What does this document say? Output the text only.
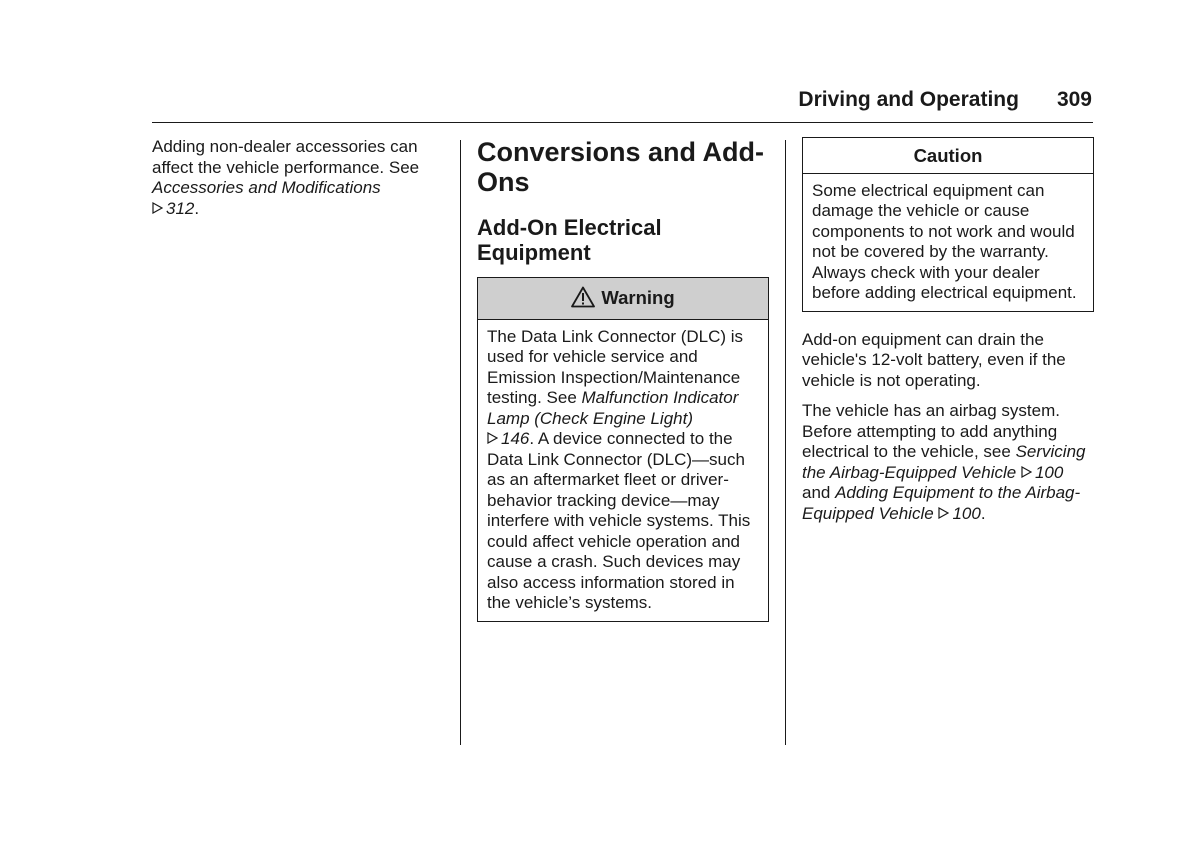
Driving and Operating 309

Adding non-dealer accessories can affect the vehicle performance. See Accessories and Modifications
312.

Conversions and Add-Ons
Add-On Electrical Equipment
Warning
The Data Link Connector (DLC) is used for vehicle service and Emission Inspection/Maintenance testing. See Malfunction Indicator Lamp (Check Engine Light)
146. A device connected to the Data Link Connector (DLC)—such as an aftermarket fleet or driver-behavior tracking device—may interfere with vehicle systems. This could affect vehicle operation and cause a crash. Such devices may also access information stored in the vehicle’s systems.
Caution
Some electrical equipment can damage the vehicle or cause components to not work and would not be covered by the warranty. Always check with your dealer before adding electrical equipment.

Add-on equipment can drain the vehicle's 12-volt battery, even if the vehicle is not operating.

The vehicle has an airbag system. Before attempting to add anything electrical to the vehicle, see Servicing the Airbag-Equipped Vehicle 100 and Adding Equipment to the Airbag-Equipped Vehicle 100.
